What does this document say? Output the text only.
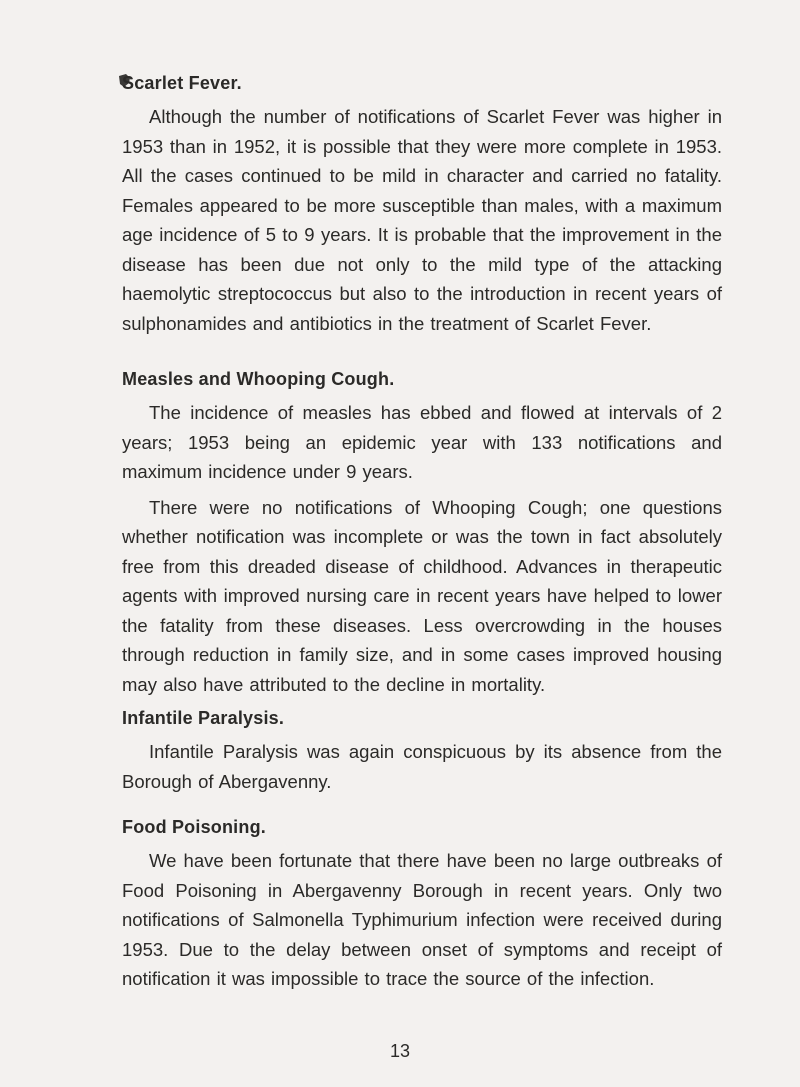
Scarlet Fever.

Although the number of notifications of Scarlet Fever was higher in 1953 than in 1952, it is possible that they were more complete in 1953. All the cases continued to be mild in character and carried no fatality. Females appeared to be more susceptible than males, with a maximum age incidence of 5 to 9 years. It is probable that the improvement in the disease has been due not only to the mild type of the attacking haemolytic streptococcus but also to the introduction in recent years of sulphonamides and antibiotics in the treatment of Scarlet Fever.

Measles and Whooping Cough.

The incidence of measles has ebbed and flowed at intervals of 2 years; 1953 being an epidemic year with 133 notifications and maximum incidence under 9 years.

There were no notifications of Whooping Cough; one questions whether notification was incomplete or was the town in fact absolutely free from this dreaded disease of childhood. Advances in therapeutic agents with improved nursing care in recent years have helped to lower the fatality from these diseases. Less overcrowding in the houses through reduction in family size, and in some cases improved housing may also have attributed to the decline in mortality.

Infantile Paralysis.

Infantile Paralysis was again conspicuous by its absence from the Borough of Abergavenny.

Food Poisoning.

We have been fortunate that there have been no large outbreaks of Food Poisoning in Abergavenny Borough in recent years. Only two notifications of Salmonella Typhimurium infection were received during 1953. Due to the delay between onset of symptoms and receipt of notification it was impossible to trace the source of the infection.

13
